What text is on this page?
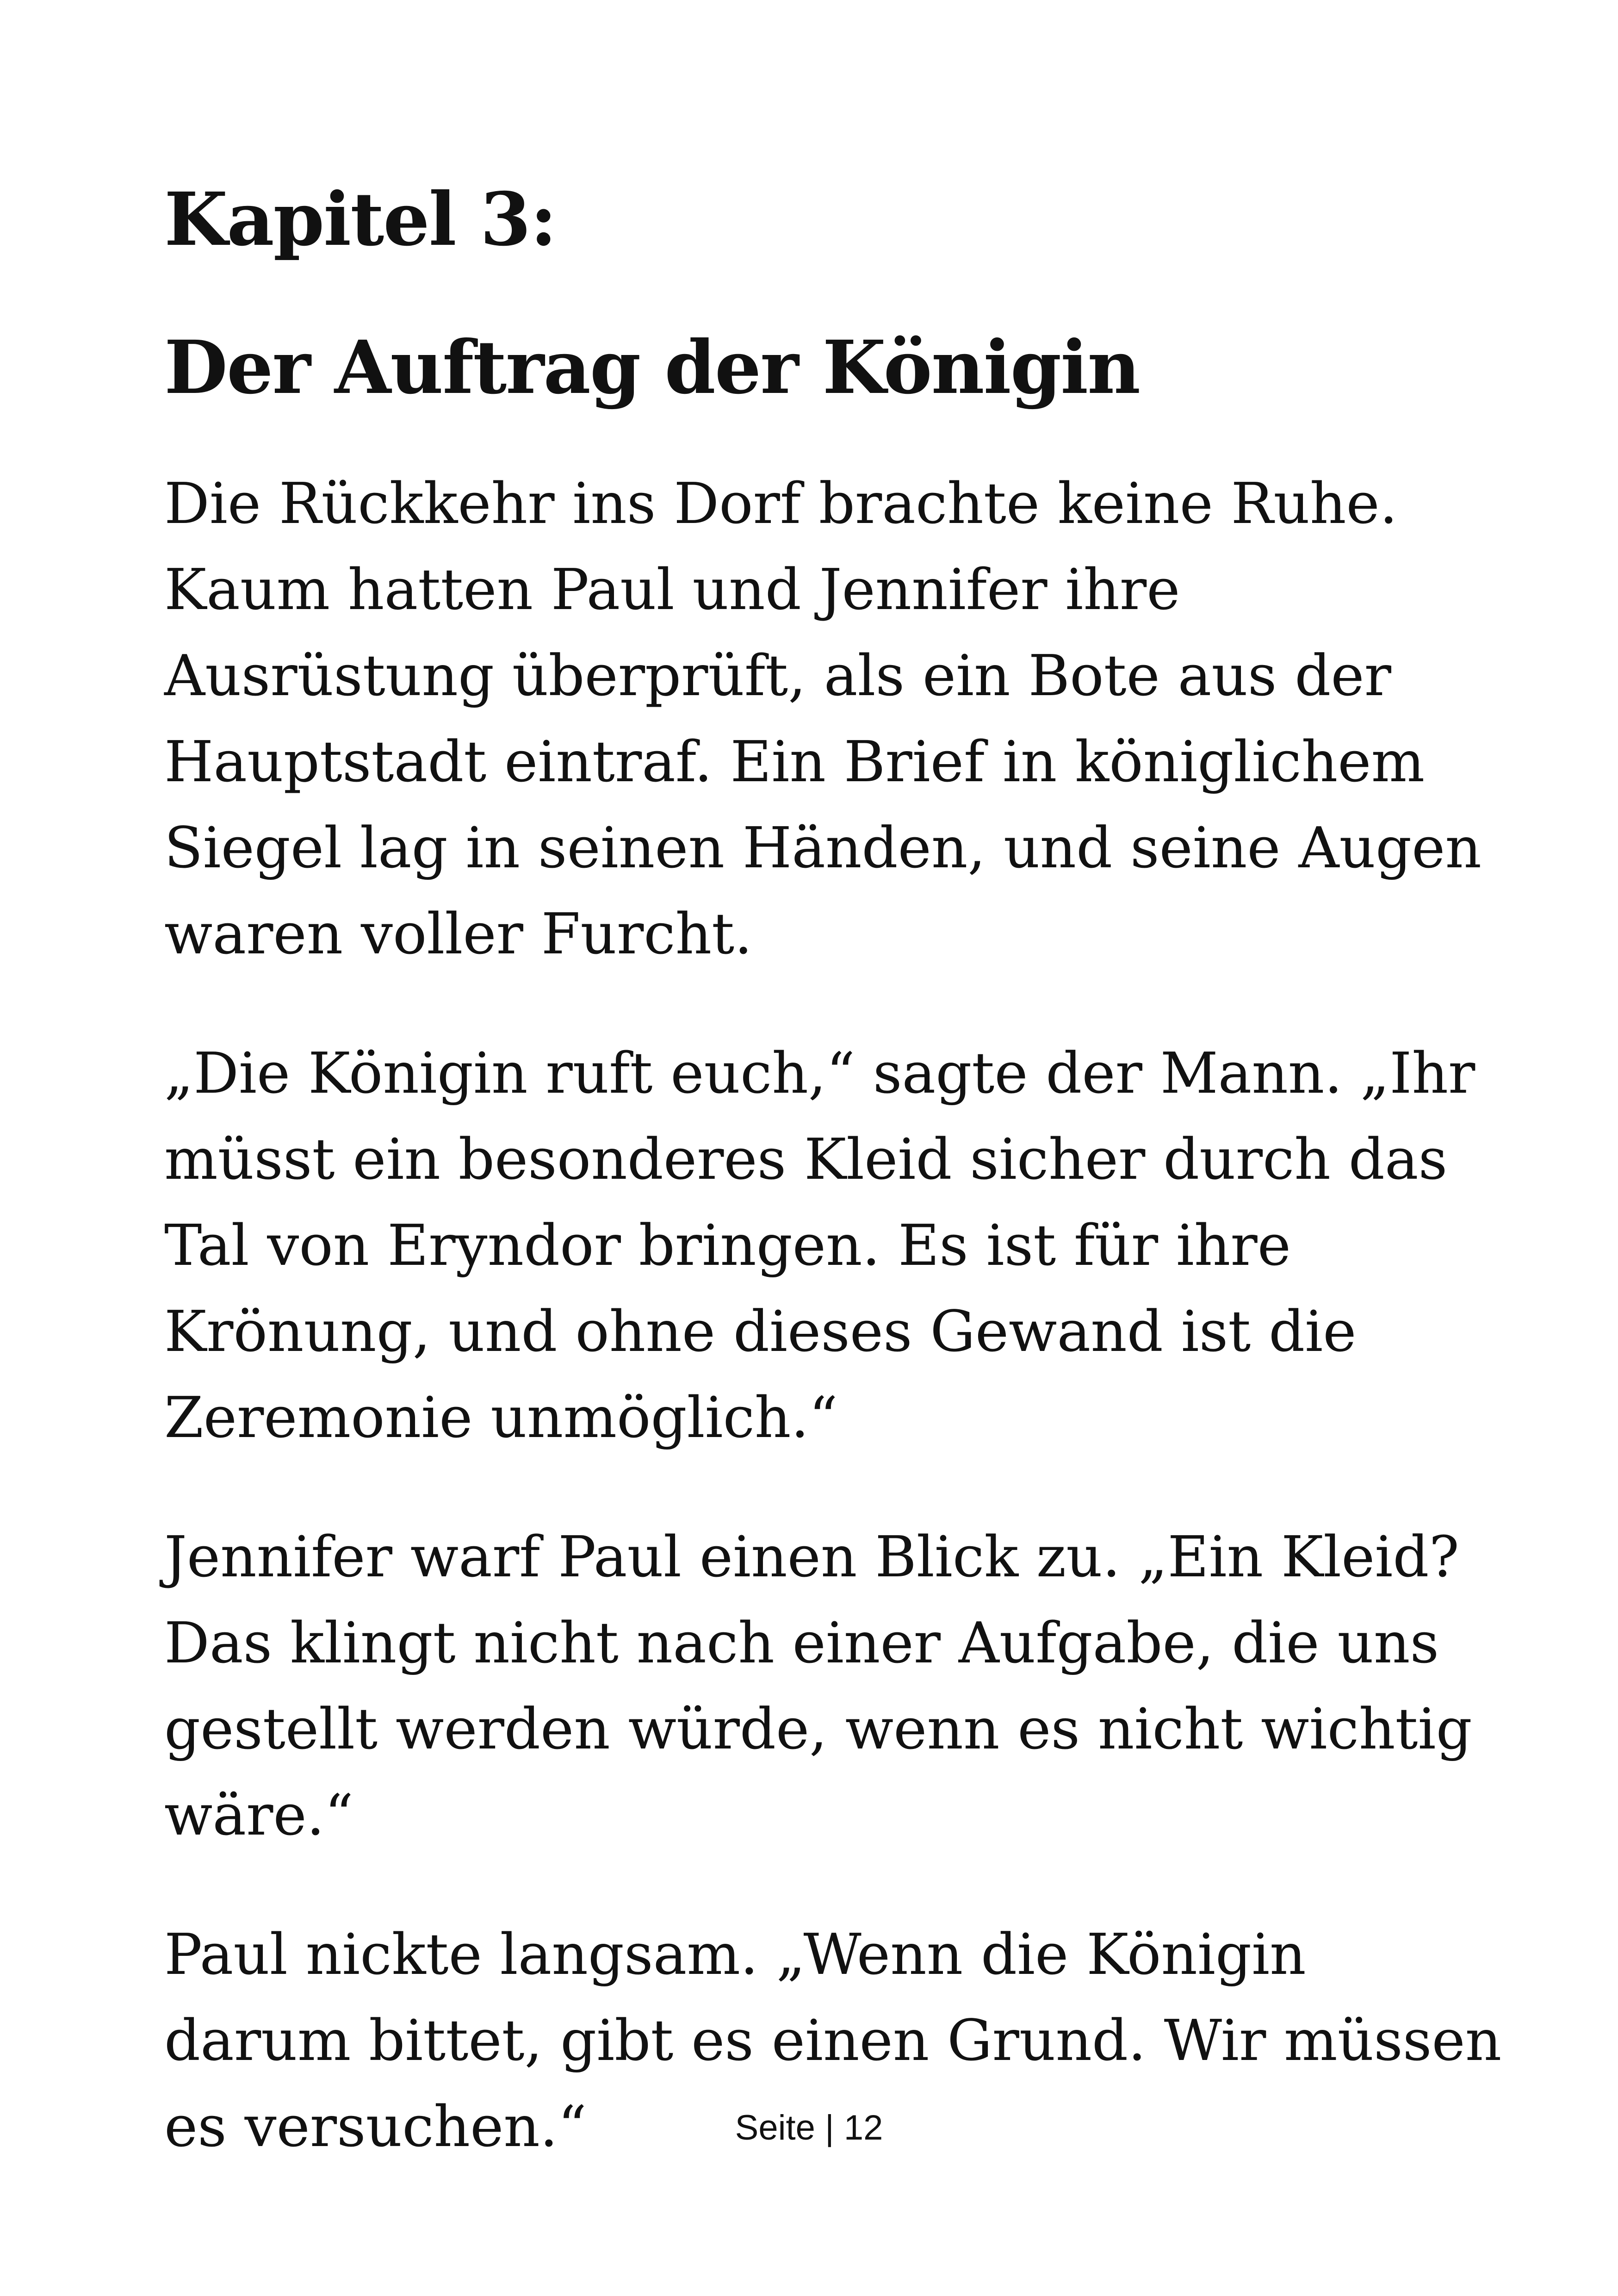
Kapitel 3:
Der Auftrag der Königin

Die Rückkehr ins Dorf brachte keine Ruhe.
Kaum hatten Paul und Jennifer ihre
Ausrüstung überprüft, als ein Bote aus der
Hauptstadt eintraf. Ein Brief in königlichem
Siegel lag in seinen Händen, und seine Augen
waren voller Furcht.

„Die Königin ruft euch,“ sagte der Mann. „Ihr
müsst ein besonderes Kleid sicher durch das
Tal von Eryndor bringen. Es ist für ihre
Krönung, und ohne dieses Gewand ist die
Zeremonie unmöglich.“

Jennifer warf Paul einen Blick zu. „Ein Kleid?
Das klingt nicht nach einer Aufgabe, die uns
gestellt werden würde, wenn es nicht wichtig
wäre.“

Paul nickte langsam. „Wenn die Königin
darum bittet, gibt es einen Grund. Wir müssen
es versuchen.“	Seite | 12
